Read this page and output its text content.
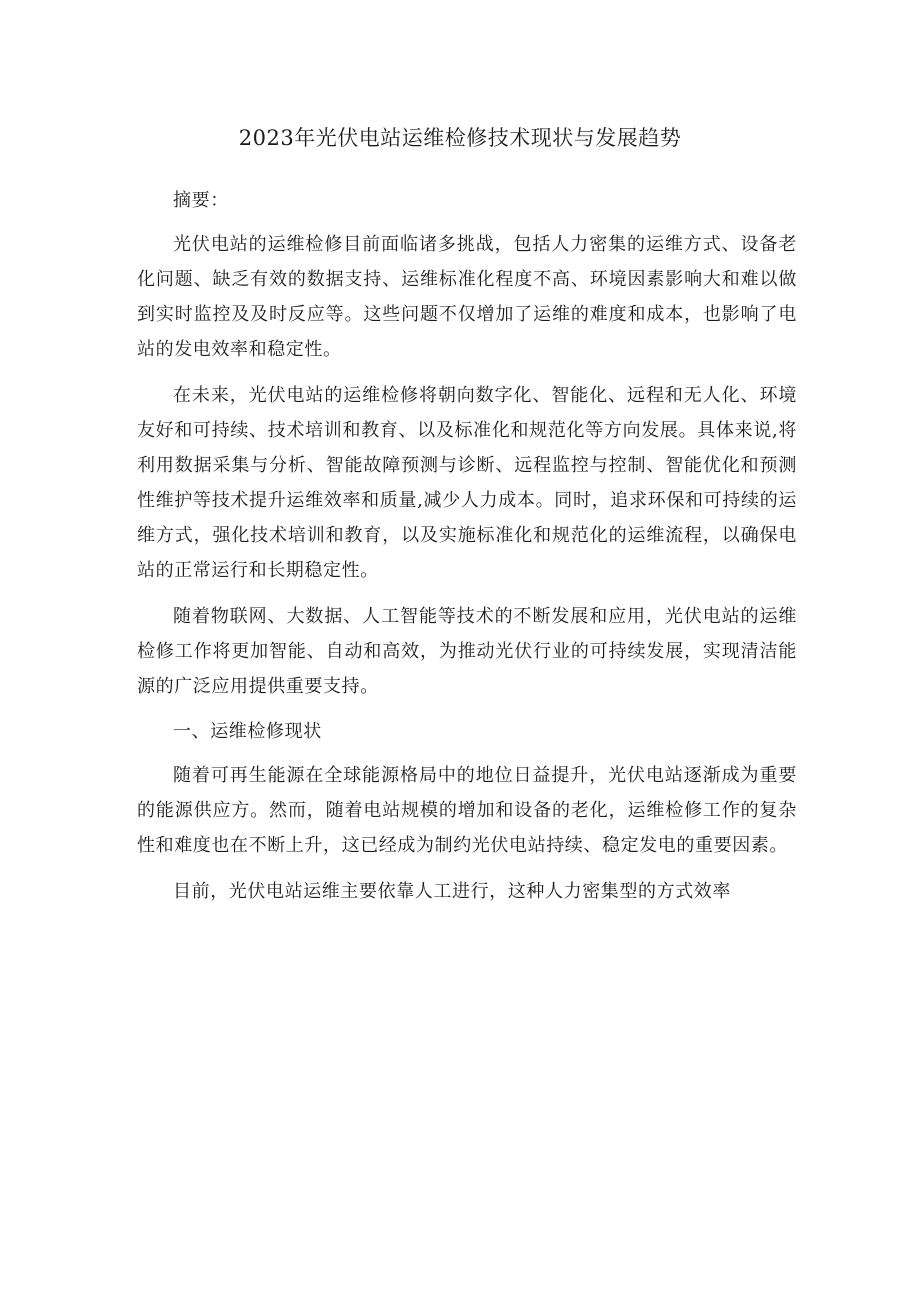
2023年光伏电站运维检修技术现状与发展趋势

摘要：

光伏电站的运维检修目前面临诸多挑战，包括人力密集的运维方式、设备老化问题、缺乏有效的数据支持、运维标准化程度不高、环境因素影响大和难以做到实时监控及及时反应等。这些问题不仅增加了运维的难度和成本，也影响了电站的发电效率和稳定性。

在未来，光伏电站的运维检修将朝向数字化、智能化、远程和无人化、环境友好和可持续、技术培训和教育、以及标准化和规范化等方向发展。具体来说,将利用数据采集与分析、智能故障预测与诊断、远程监控与控制、智能优化和预测性维护等技术提升运维效率和质量,减少人力成本。同时，追求环保和可持续的运维方式，强化技术培训和教育，以及实施标准化和规范化的运维流程，以确保电站的正常运行和长期稳定性。

随着物联网、大数据、人工智能等技术的不断发展和应用，光伏电站的运维检修工作将更加智能、自动和高效，为推动光伏行业的可持续发展，实现清洁能源的广泛应用提供重要支持。

一、运维检修现状

随着可再生能源在全球能源格局中的地位日益提升，光伏电站逐渐成为重要的能源供应方。然而，随着电站规模的增加和设备的老化，运维检修工作的复杂性和难度也在不断上升，这已经成为制约光伏电站持续、稳定发电的重要因素。

目前，光伏电站运维主要依靠人工进行，这种人力密集型的方式效率
